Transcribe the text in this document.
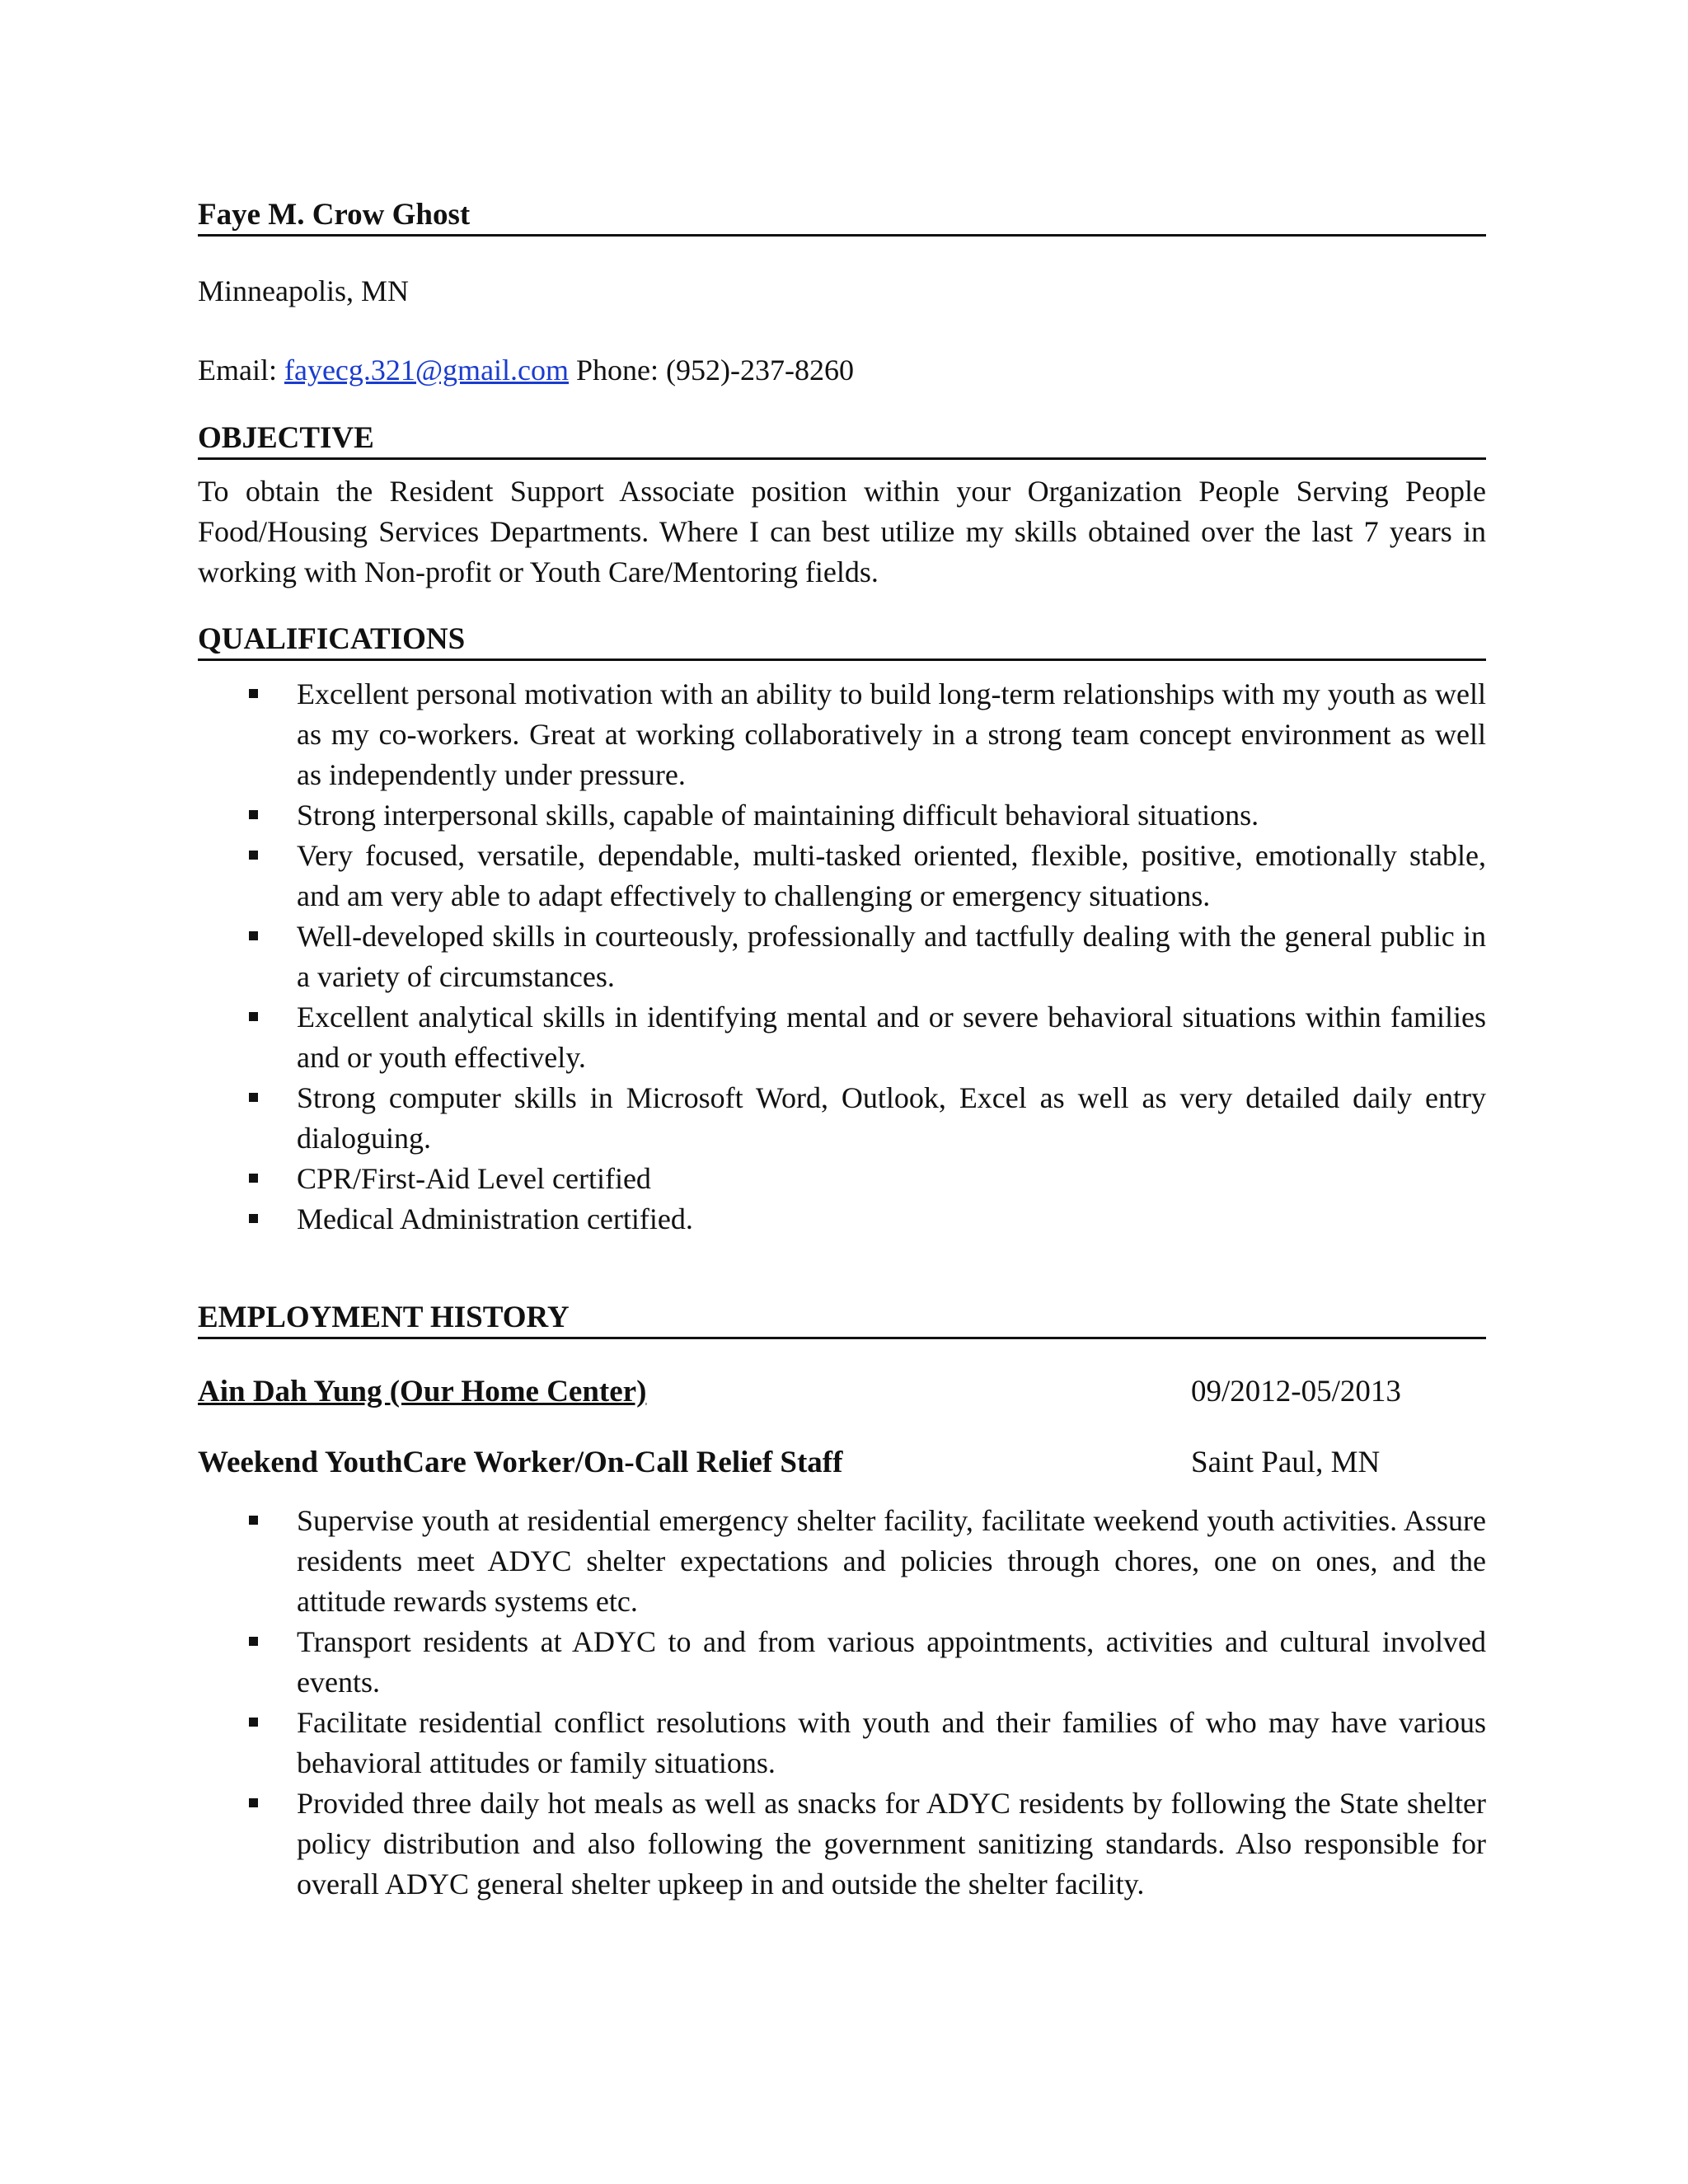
Faye M. Crow Ghost

Minneapolis, MN

Email: fayecg.321@gmail.com Phone: (952)-237-8260

OBJECTIVE

To obtain the Resident Support Associate position within your Organization People Serving People Food/Housing Services Departments. Where I can best utilize my skills obtained over the last 7 years in working with Non-profit or Youth Care/Mentoring fields.

QUALIFICATIONS
Excellent personal motivation with an ability to build long-term relationships with my youth as well as my co-workers. Great at working collaboratively in a strong team concept environment as well as independently under pressure.
Strong interpersonal skills, capable of maintaining difficult behavioral situations.
Very focused, versatile, dependable, multi-tasked oriented, flexible, positive, emotionally stable, and am very able to adapt effectively to challenging or emergency situations.
Well-developed skills in courteously, professionally and tactfully dealing with the general public in a variety of circumstances.
Excellent analytical skills in identifying mental and or severe behavioral situations within families and or youth effectively.
Strong computer skills in Microsoft Word, Outlook, Excel as well as very detailed daily entry dialoguing.
CPR/First-Aid Level certified
Medical Administration certified.
EMPLOYMENT HISTORY
Ain Dah Yung (Our Home Center)	09/2012-05/2013
Weekend YouthCare Worker/On-Call Relief Staff	Saint Paul, MN
Supervise youth at residential emergency shelter facility, facilitate weekend youth activities. Assure residents meet ADYC shelter expectations and policies through chores, one on ones, and the attitude rewards systems etc.
Transport residents at ADYC to and from various appointments, activities and cultural involved events.
Facilitate residential conflict resolutions with youth and their families of who may have various behavioral attitudes or family situations.
Provided three daily hot meals as well as snacks for ADYC residents by following the State shelter policy distribution and also following the government sanitizing standards. Also responsible for overall ADYC general shelter upkeep in and outside the shelter facility.
